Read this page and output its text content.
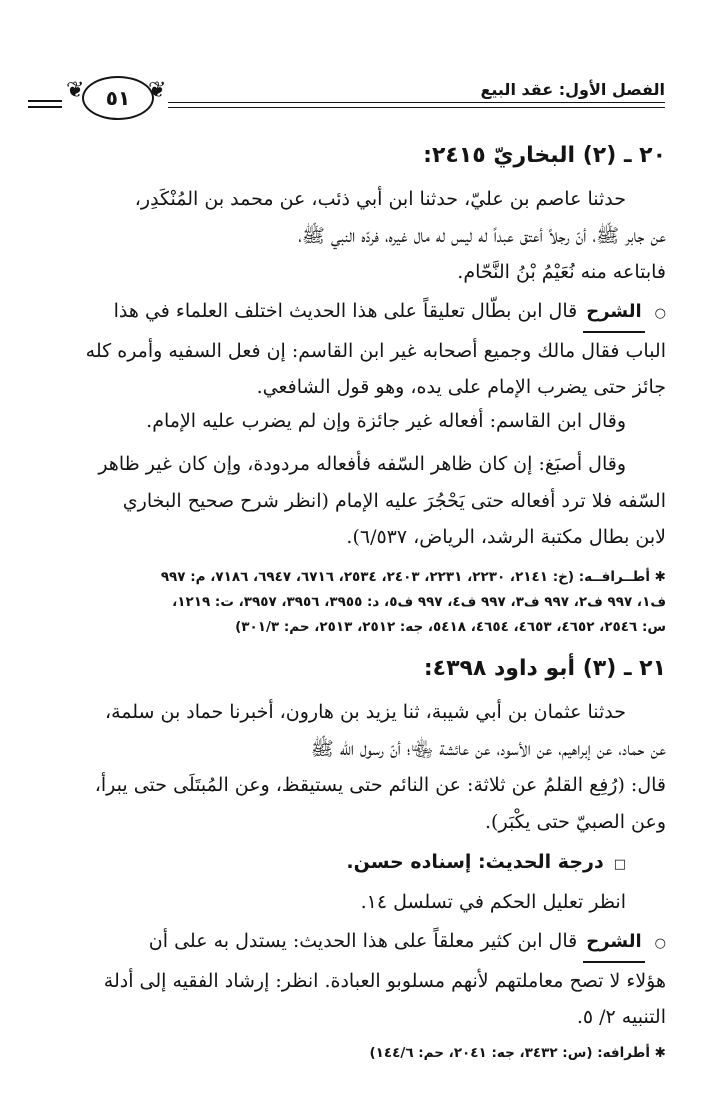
الفصل الأول: عقد البيع
❦	❦
٥١
٢٠ ـ (٢) البخاريّ ٢٤١٥:
حدثنا عاصم بن عليّ، حدثنا ابن أبي ذئب، عن محمد بن المُنْكَدِر،
عن جابر ﷺ، أنّ رجلاً أعتق عبداً له ليس له مال غيره، فردّه النبي ﷺ،
فابتاعه منه نُعَيْمُ بْنُ النَّحّام.
○الشرحقال ابن بطّال تعليقاً على هذا الحديث اختلف العلماء في هذا
الباب فقال مالك وجميع أصحابه غير ابن القاسم: إن فعل السفيه وأمره كله
جائز حتى يضرب الإمام على يده، وهو قول الشافعي.
وقال ابن القاسم: أفعاله غير جائزة وإن لم يضرب عليه الإمام.
وقال أصبَغ: إن كان ظاهر السّفه فأفعاله مردودة، وإن كان غير ظاهر
السّفه فلا ترد أفعاله حتى يَحْجُرَ عليه الإمام (انظر شرح صحيح البخاري
لابن بطال مكتبة الرشد، الرياض، ٦/٥٣٧).
✱ أطــرافــه: (خ: ٢١٤١، ٢٢٣٠، ٢٢٣١، ٢٤٠٣، ٢٥٣٤، ٦٧١٦، ٦٩٤٧، ٧١٨٦، م: ٩٩٧
ف١، ٩٩٧ ف٢، ٩٩٧ ف٣، ٩٩٧ ف٤، ٩٩٧ ف٥، د: ٣٩٥٥، ٣٩٥٦، ٣٩٥٧، ت: ١٢١٩،
س: ٢٥٤٦، ٤٦٥٢، ٤٦٥٣، ٤٦٥٤، ٥٤١٨، جه: ٢٥١٢، ٢٥١٣، حم: ٣٠١/٣)
٢١ ـ (٣) أبو داود ٤٣٩٨:
حدثنا عثمان بن أبي شيبة، ثنا يزيد بن هارون، أخبرنا حماد بن سلمة،
عن حماد، عن إبراهيم، عن الأسود، عن عائشة ﵄؛ أنّ رسول الله ﷺ
قال: (رُفِع القلمُ عن ثلاثة: عن النائم حتى يستيقظ، وعن المُبتَلَى حتى يبرأ،
وعن الصبيّ حتى يكْبَر).
□درجة الحديث: إسناده حسن.
انظر تعليل الحكم في تسلسل ١٤.
○الشرحقال ابن كثير معلقاً على هذا الحديث: يستدل به على أن
هؤلاء لا تصح معاملتهم لأنهم مسلوبو العبادة. انظر: إرشاد الفقيه إلى أدلة
التنبيه ٢/ ٥.
✱ أطرافه: (س: ٣٤٣٢، جه: ٢٠٤١، حم: ١٤٤/٦)
